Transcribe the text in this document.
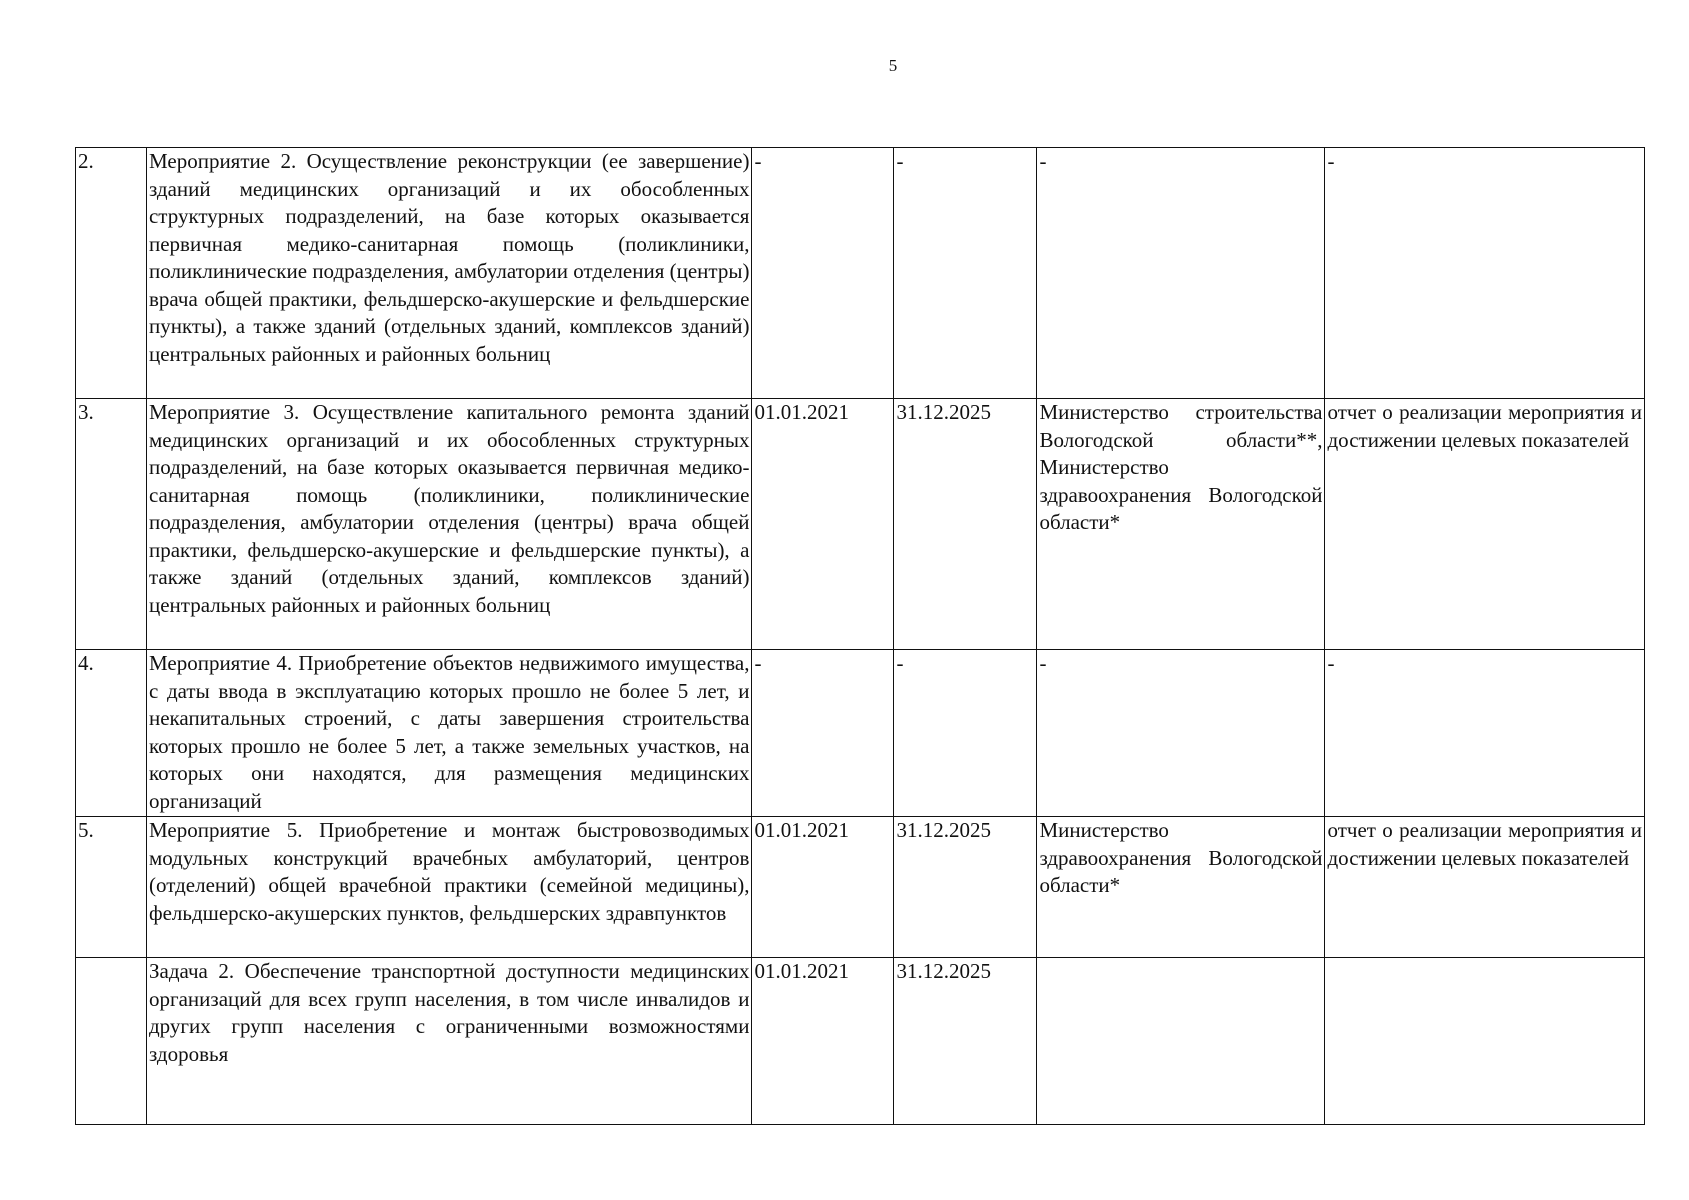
5
2.	Мероприятие 2. Осуществление реконструкции (ее завершение) зданий медицинских организаций и их обособленных структурных подразделений, на базе которых оказывается первичная медико-санитарная помощь (поликлиники, поликлинические подразделения, амбулатории отделения (центры) врача общей практики, фельдшерско-акушерские и фельдшерские пункты), а также зданий (отдельных зданий, комплексов зданий) центральных районных и районных больниц	-	-	-	-

3.	Мероприятие 3. Осуществление капитального ремонта зданий медицинских организаций и их обособленных структурных подразделений, на базе которых оказывается первичная медико-санитарная помощь (поликлиники, поликлинические подразделения, амбулатории отделения (центры) врача общей практики, фельдшерско-акушерские и фельдшерские пункты), а также зданий (отдельных зданий, комплексов зданий) центральных районных и районных больниц	01.01.2021	31.12.2025	Министерство строительства Вологодской области**, Министерство здравоохранения Вологодской области*	отчет о реализации мероприятия и достижении целевых показателей

4.	Мероприятие 4. Приобретение объектов недвижимого имущества, с даты ввода в эксплуатацию которых прошло не более 5 лет, и некапитальных строений, с даты завершения строительства которых прошло не более 5 лет, а также земельных участков, на которых они находятся, для размещения медицинских организаций	-	-	-	-

5.	Мероприятие 5. Приобретение и монтаж быстровозводимых модульных конструкций врачебных амбулаторий, центров (отделений) общей врачебной практики (семейной медицины), фельдшерско-акушерских пунктов, фельдшерских здравпунктов	01.01.2021	31.12.2025	Министерство здравоохранения Вологодской области*	отчет о реализации мероприятия и достижении целевых показателей

	Задача 2. Обеспечение транспортной доступности медицинских организаций для всех групп населения, в том числе инвалидов и других групп населения с ограниченными возможностями здоровья	01.01.2021	31.12.2025	
